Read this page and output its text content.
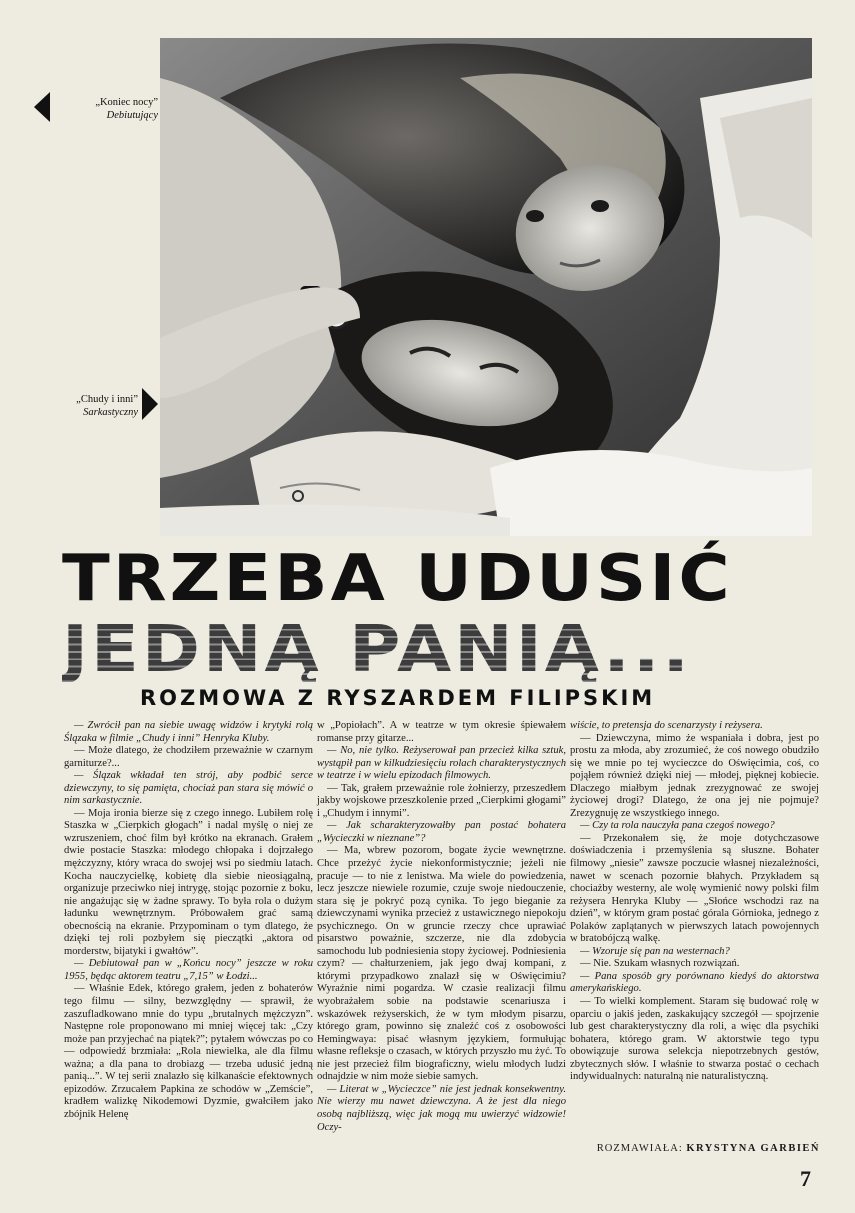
„Koniec nocy”
Debiutujący
„Chudy i inni”
Sarkastyczny
TRZEBA UDUSIĆ
JEDNĄ PANIĄ...
ROZMOWA Z RYSZARDEM FILIPSKIM

— Zwrócił pan na siebie uwagę widzów i krytyki rolą Ślązaka w filmie „Chudy i inni” Henryka Kluby.

— Może dlatego, że chodziłem przeważnie w czarnym garniturze?...

— Ślązak wkładał ten strój, aby podbić serce dziewczyny, to się pamięta, chociaż pan stara się mówić o nim sarkastycznie.

— Moja ironia bierze się z czego innego. Lubiłem rolę Staszka w „Cierpkich głogach” i nadal myślę o niej ze wzruszeniem, choć film był krótko na ekranach. Grałem dwie postacie Staszka: młodego chłopaka i dojrzałego mężczyzny, który wraca do swojej wsi po siedmiu latach. Kocha nauczycielkę, kobietę dla siebie nieosiągalną, organizuje przeciwko niej intrygę, stojąc pozornie z boku, nie angażując się w żadne sprawy. To była rola o dużym ładunku wewnętrznym. Próbowałem grać samą obecnością na ekranie. Przypominam o tym dlatego, że dzięki tej roli pozbyłem się pieczątki „aktora od morderstw, bijatyki i gwałtów”.

— Debiutował pan w „Końcu nocy” jeszcze w roku 1955, będąc aktorem teatru „7,15” w Łodzi...

— Właśnie Edek, którego grałem, jeden z bohaterów tego filmu — silny, bezwzględny — sprawił, że zaszufladkowano mnie do typu „brutalnych mężczyzn”. Następne role proponowano mi mniej więcej tak: „Czy może pan przyjechać na piątek?”; pytałem wówczas po co — odpowiedź brzmiała: „Rola niewielka, ale dla filmu ważna; a dla pana to drobiazg — trzeba udusić jedną panią...”. W tej serii znalazło się kilkanaście efektownych epizodów. Zrzucałem Papkina ze schodów w „Zemście”, kradłem walizkę Nikodemowi Dyzmie, gwałciłem jako zbójnik Helenę

w „Popiołach”. A w teatrze w tym okresie śpiewałem romanse przy gitarze...

— No, nie tylko. Reżyserował pan przecież kilka sztuk, wystąpił pan w kilkudziesięciu rolach charakterystycznych w teatrze i w wielu epizodach filmowych.

— Tak, grałem przeważnie role żołnierzy, przeszedłem jakby wojskowe przeszkolenie przed „Cierpkimi głogami” i „Chudym i innymi”.

— Jak scharakteryzowałby pan postać bohatera „Wycieczki w nieznane”?

— Ma, wbrew pozorom, bogate życie wewnętrzne. Chce przeżyć życie niekonformistycznie; jeżeli nie pracuje — to nie z lenistwa. Ma wiele do powiedzenia, lecz jeszcze niewiele rozumie, czuje swoje niedouczenie, stara się je pokryć pozą cynika. To jego bieganie za dziewczynami wynika przecież z ustawicznego niepokoju psychicznego. On w gruncie rzeczy chce uprawiać pisarstwo poważnie, szczerze, nie dla zdobycia samochodu lub podniesienia stopy życiowej. Podniesienia czym? — chałturzeniem, jak jego dwaj kompani, z którymi przypadkowo znalazł się w Oświęcimiu? Wyraźnie nimi pogardza. W czasie realizacji filmu wyobrażałem sobie na podstawie scenariusza i wskazówek reżyserskich, że w tym młodym pisarzu, którego gram, powinno się znaleźć coś z osobowości Hemingwaya: pisać własnym językiem, formułując własne refleksje o czasach, w których przyszło mu żyć. To nie jest przecież film biograficzny, wielu młodych ludzi odnajdzie w nim może siebie samych.

— Literat w „Wycieczce” nie jest jednak konsekwentny. Nie wierzy mu nawet dziewczyna. A że jest dla niego osobą najbliższą, więc jak mogą mu uwierzyć widzowie! Oczy-

wiście, to pretensja do scenarzysty i reżysera.

— Dziewczyna, mimo że wspaniała i dobra, jest po prostu za młoda, aby zrozumieć, że coś nowego obudziło się we mnie po tej wycieczce do Oświęcimia, coś, co pojąłem również dzięki niej — młodej, pięknej kobiecie. Dlaczego miałbym jednak zrezygnować ze swojej życiowej drogi? Dlatego, że ona jej nie pojmuje? Zrezygnuję ze wszystkiego innego.

— Czy ta rola nauczyła pana czegoś nowego?

— Przekonałem się, że moje dotychczasowe doświadczenia i przemyślenia są słuszne. Bohater filmowy „niesie” zawsze poczucie własnej niezależności, nawet w scenach pozornie błahych. Przykładem są chociażby westerny, ale wolę wymienić nowy polski film reżysera Henryka Kluby — „Słońce wschodzi raz na dzień”, w którym gram postać górala Górnioka, jednego z Polaków zaplątanych w pierwszych latach powojennych w bratobójczą walkę.

— Wzoruje się pan na westernach?

— Nie. Szukam własnych rozwiązań.

— Pana sposób gry porównano kiedyś do aktorstwa amerykańskiego.

— To wielki komplement. Staram się budować rolę w oparciu o jakiś jeden, zaskakujący szczegół — spojrzenie lub gest charakterystyczny dla roli, a więc dla psychiki bohatera, którego gram. W aktorstwie tego typu obowiązuje surowa selekcja niepotrzebnych gestów, zbytecznych słów. I właśnie to stwarza postać o cechach indywidualnych: naturalną nie naturalistyczną.

ROZMAWIAŁA: KRYSTYNA GARBIEŃ
7
